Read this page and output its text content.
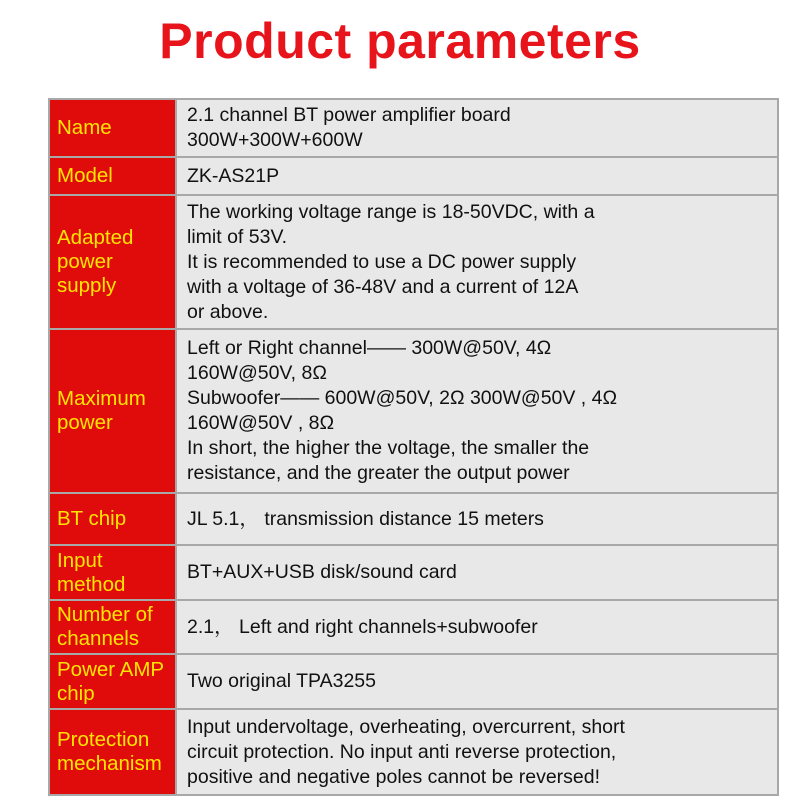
Product parameters
Name
2.1 channel BT power amplifier board
300W+300W+600W
Model	ZK-AS21P
Adapted
power
supply
The working voltage range is 18-50VDC, with a
limit of 53V.
It is recommended to use a DC power supply
with a voltage of 36-48V and a current of 12A
or above.
Maximum
power
Left or Right channel—— 300W@50V, 4Ω
160W@50V, 8Ω
Subwoofer—— 600W@50V, 2Ω 300W@50V , 4Ω
160W@50V , 8Ω
In short, the higher the voltage, the smaller the
resistance, and the greater the output power
BT chip	JL 5.1， transmission distance 15 meters
Input
method
BT+AUX+USB disk/sound card
Number of
channels
2.1， Left and right channels+subwoofer
Power AMP
chip
Two original TPA3255
Protection
mechanism
Input undervoltage, overheating, overcurrent, short
circuit protection. No input anti reverse protection,
positive and negative poles cannot be reversed!
